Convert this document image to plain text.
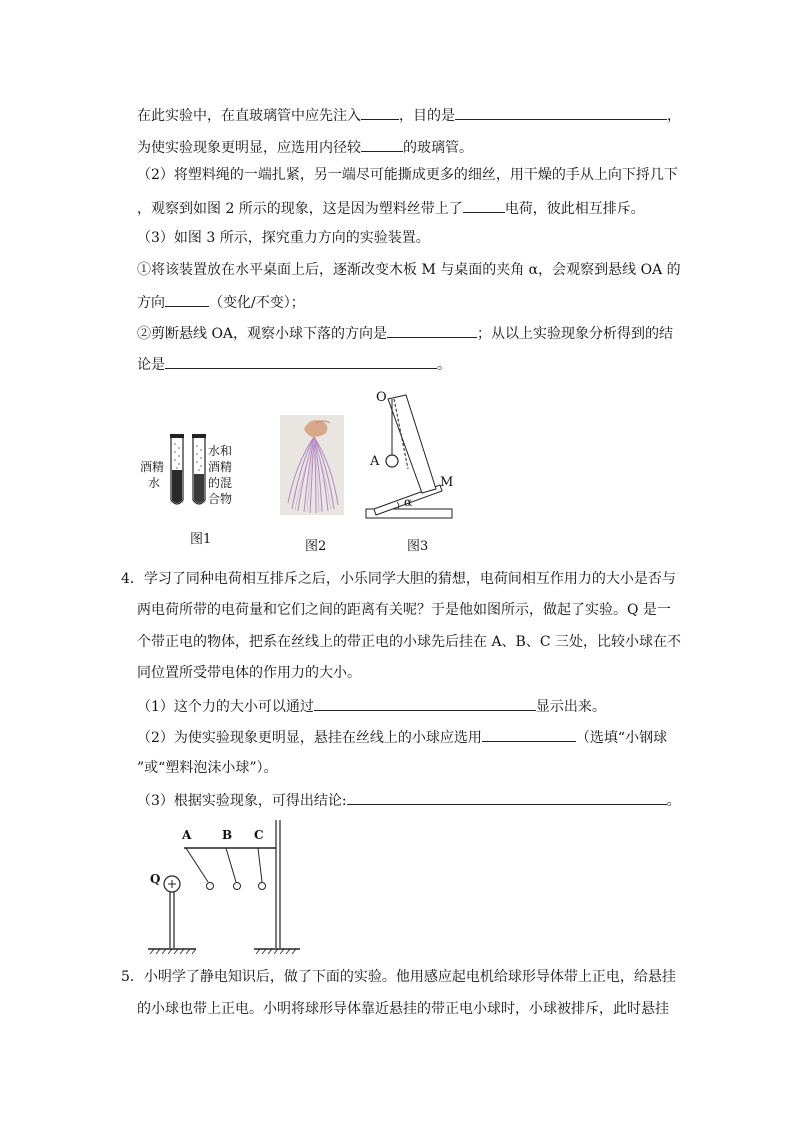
在此实验中，在直玻璃管中应先注入	，目的是	，
为使实验现象更明显，应选用内径较	的玻璃管。
（2）将塑料绳的一端扎紧，另一端尽可能撕成更多的细丝，用干燥的手从上向下捋几下
，观察到如图 2 所示的现象，这是因为塑料丝带上了	电荷，彼此相互排斥。
（3）如图 3 所示，探究重力方向的实验装置。
①将该装置放在水平桌面上后，逐渐改变木板 M 与桌面的夹角 α，会观察到悬线 OA 的
方向	（变化/不变）；
②剪断悬线 OA，观察小球下落的方向是	；从以上实验现象分析得到的结
论是	。
酒精
水
水和
酒精
的混
合物
图1	图2
O
A
M
α
图3
4．学习了同种电荷相互排斥之后，小乐同学大胆的猜想，电荷间相互作用力的大小是否与
两电荷所带的电荷量和它们之间的距离有关呢？于是他如图所示，做起了实验。Q 是一
个带正电的物体，把系在丝线上的带正电的小球先后挂在 A、B、C 三处，比较小球在不
同位置所受带电体的作用力的大小。
（1）这个力的大小可以通过	显示出来。
（2）为使实验现象更明显，悬挂在丝线上的小球应选用	（选填“小钢球
”或“塑料泡沫小球”）。
（3）根据实验现象，可得出结论:	。
A	B C
Q
5．小明学了静电知识后，做了下面的实验。他用感应起电机给球形导体带上正电，给悬挂
的小球也带上正电。小明将球形导体靠近悬挂的带正电小球时，小球被排斥，此时悬挂
